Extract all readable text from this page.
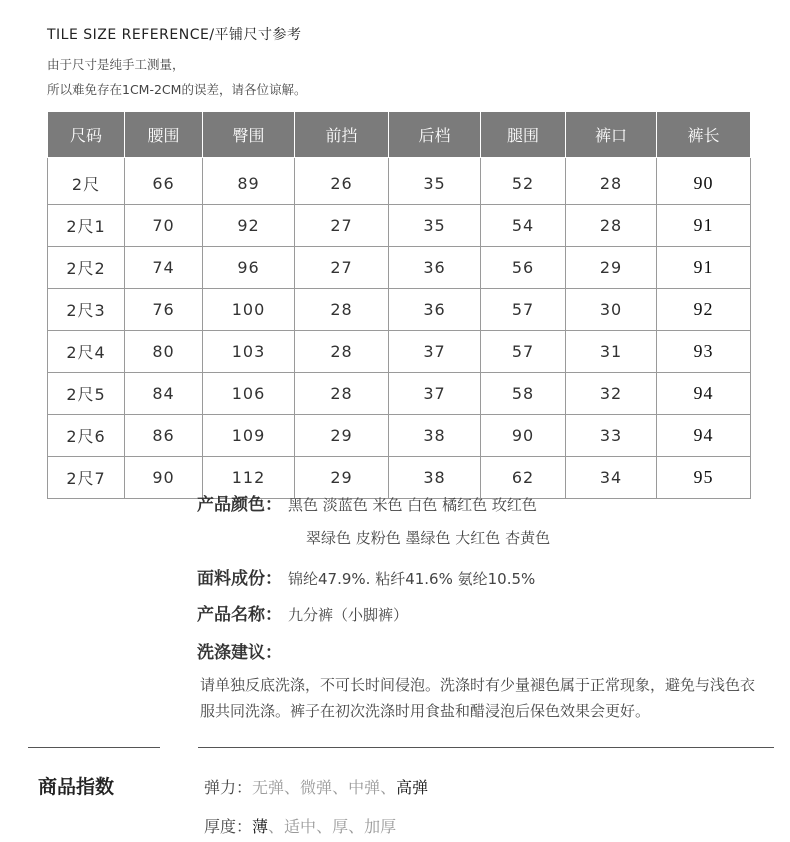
TILE SIZE REFERENCE/平铺尺寸参考
由于尺寸是纯手工测量，
所以难免存在1CM-2CM的误差，请各位谅解。
尺码	腰围	臀围	前挡	后档	腿围	裤口	裤长
2尺	66	89	26	35	52	28	90
2尺1	70	92	27	35	54	28	91
2尺2	74	96	27	36	56	29	91
2尺3	76	100	28	36	57	30	92
2尺4	80	103	28	37	57	31	93
2尺5	84	106	28	37	58	32	94
2尺6	86	109	29	38	90	33	94
2尺7	90	112	29	38	62	34	95
产品颜色： 黑色 淡蓝色 米色 白色 橘红色 玫红色
翠绿色 皮粉色 墨绿色 大红色 杏黄色
面料成份： 锦纶47.9%. 粘纤41.6% 氨纶10.5%
产品名称： 九分裤（小脚裤）
洗涤建议：
请单独反底洗涤，不可长时间侵泡。洗涤时有少量褪色属于正常现象，避免与浅色衣服共同洗涤。裤子在初次洗涤时用食盐和醋浸泡后保色效果会更好。
商品指数	弹力：无弹、微弹、中弹、高弹
厚度：薄、适中、厚、加厚
